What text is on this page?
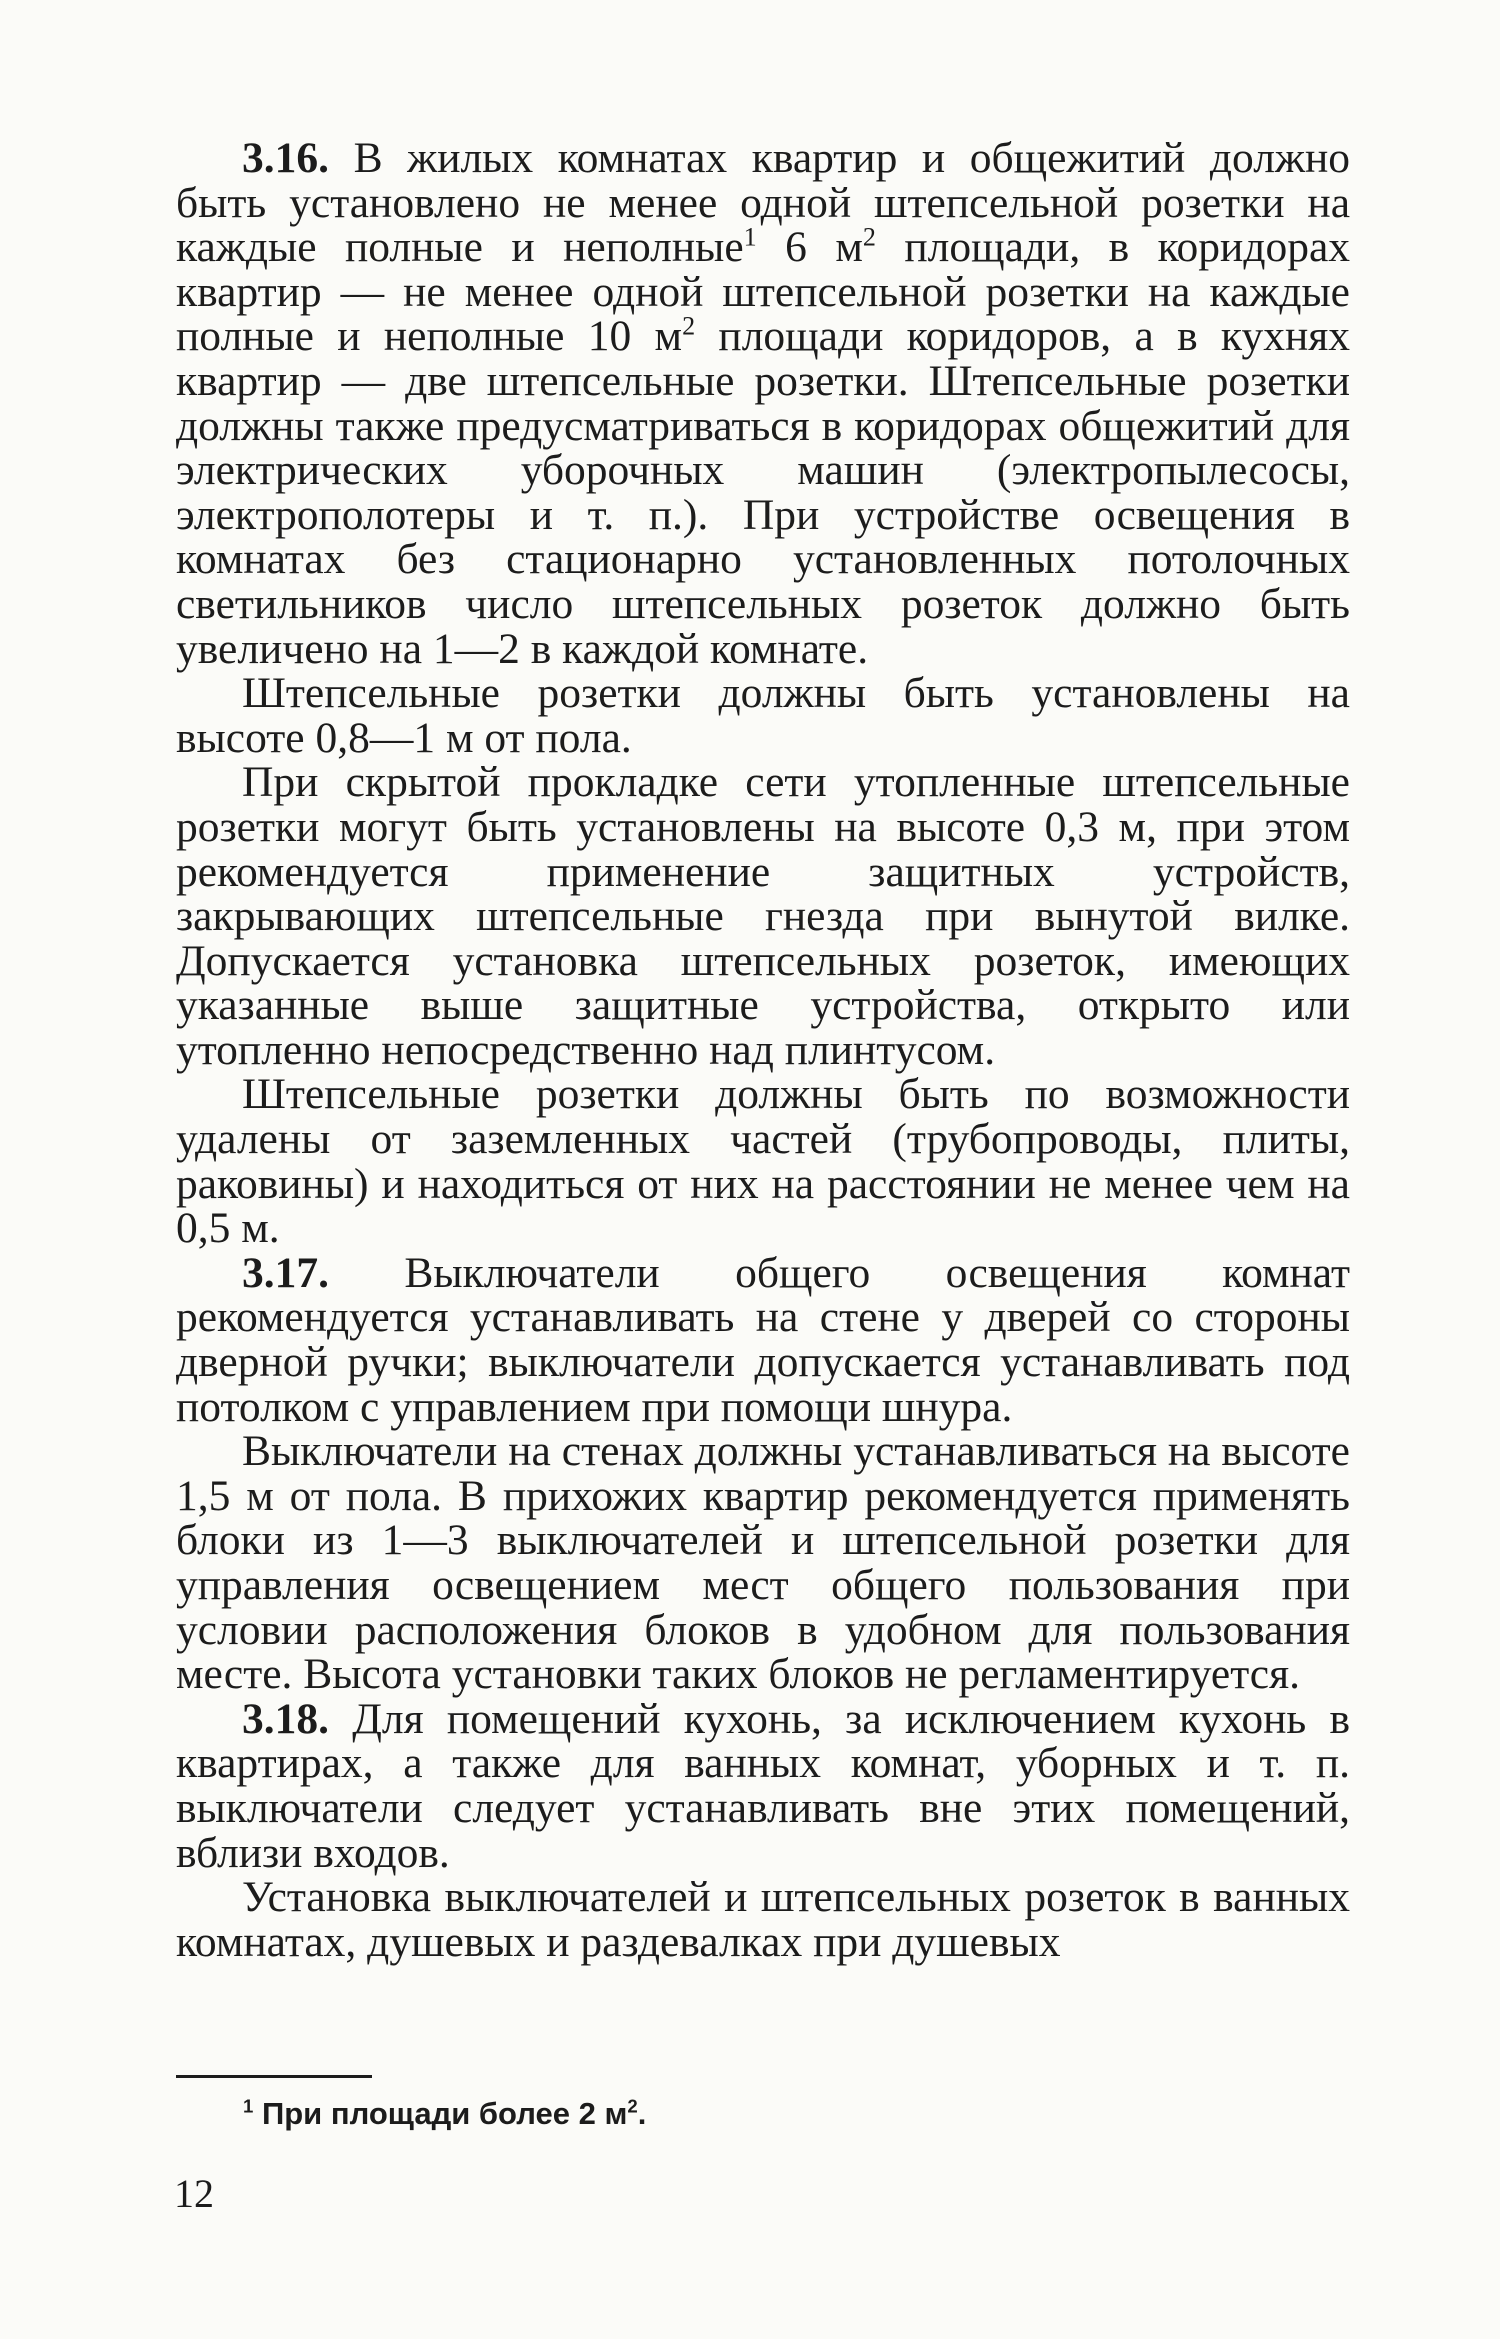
3.16. В жилых комнатах квартир и общежитий должно быть установлено не менее одной штепсельной розетки на каждые полные и неполные$^1$ 6 $м^2$ площади, в коридорах квартир — не менее одной штепсельной розетки на каждые полные и неполные 10 $м^2$ площади коридоров, а в кухнях квартир — две штепсельные розетки. Штепсельные розетки должны также предусматриваться в коридорах общежитий для электрических уборочных машин (электропылесосы, электрополотеры и т. п.). При устройстве освещения в комнатах без стационарно установленных потолочных светильников число штепсельных розеток должно быть увеличено на 1—2 в каждой комнате.

Штепсельные розетки должны быть установлены на высоте 0,8—1 м от пола.

При скрытой прокладке сети утопленные штепсельные розетки могут быть установлены на высоте 0,3 м, при этом рекомендуется применение защитных устройств, закрывающих штепсельные гнезда при вынутой вилке. Допускается установка штепсельных розеток, имеющих указанные выше защитные устройства, открыто или утопленно непосредственно над плинтусом.

Штепсельные розетки должны быть по возможности удалены от заземленных частей (трубопроводы, плиты, раковины) и находиться от них на расстоянии не менее чем на 0,5 м.

3.17. Выключатели общего освещения комнат рекомендуется устанавливать на стене у дверей со стороны дверной ручки; выключатели допускается устанавливать под потолком с управлением при помощи шнура.

Выключатели на стенах должны устанавливаться на высоте 1,5 м от пола. В прихожих квартир рекомендуется применять блоки из 1—3 выключателей и штепсельной розетки для управления освещением мест общего пользования при условии расположения блоков в удобном для пользования месте. Высота установки таких блоков не регламентируется.

3.18. Для помещений кухонь, за исключением кухонь в квартирах, а также для ванных комнат, уборных и т. п. выключатели следует устанавливать вне этих помещений, вблизи входов.

Установка выключателей и штепсельных розеток в ванных комнатах, душевых и раздевалках при душевых

$^1$ При площади более 2 $м^2$.
12
